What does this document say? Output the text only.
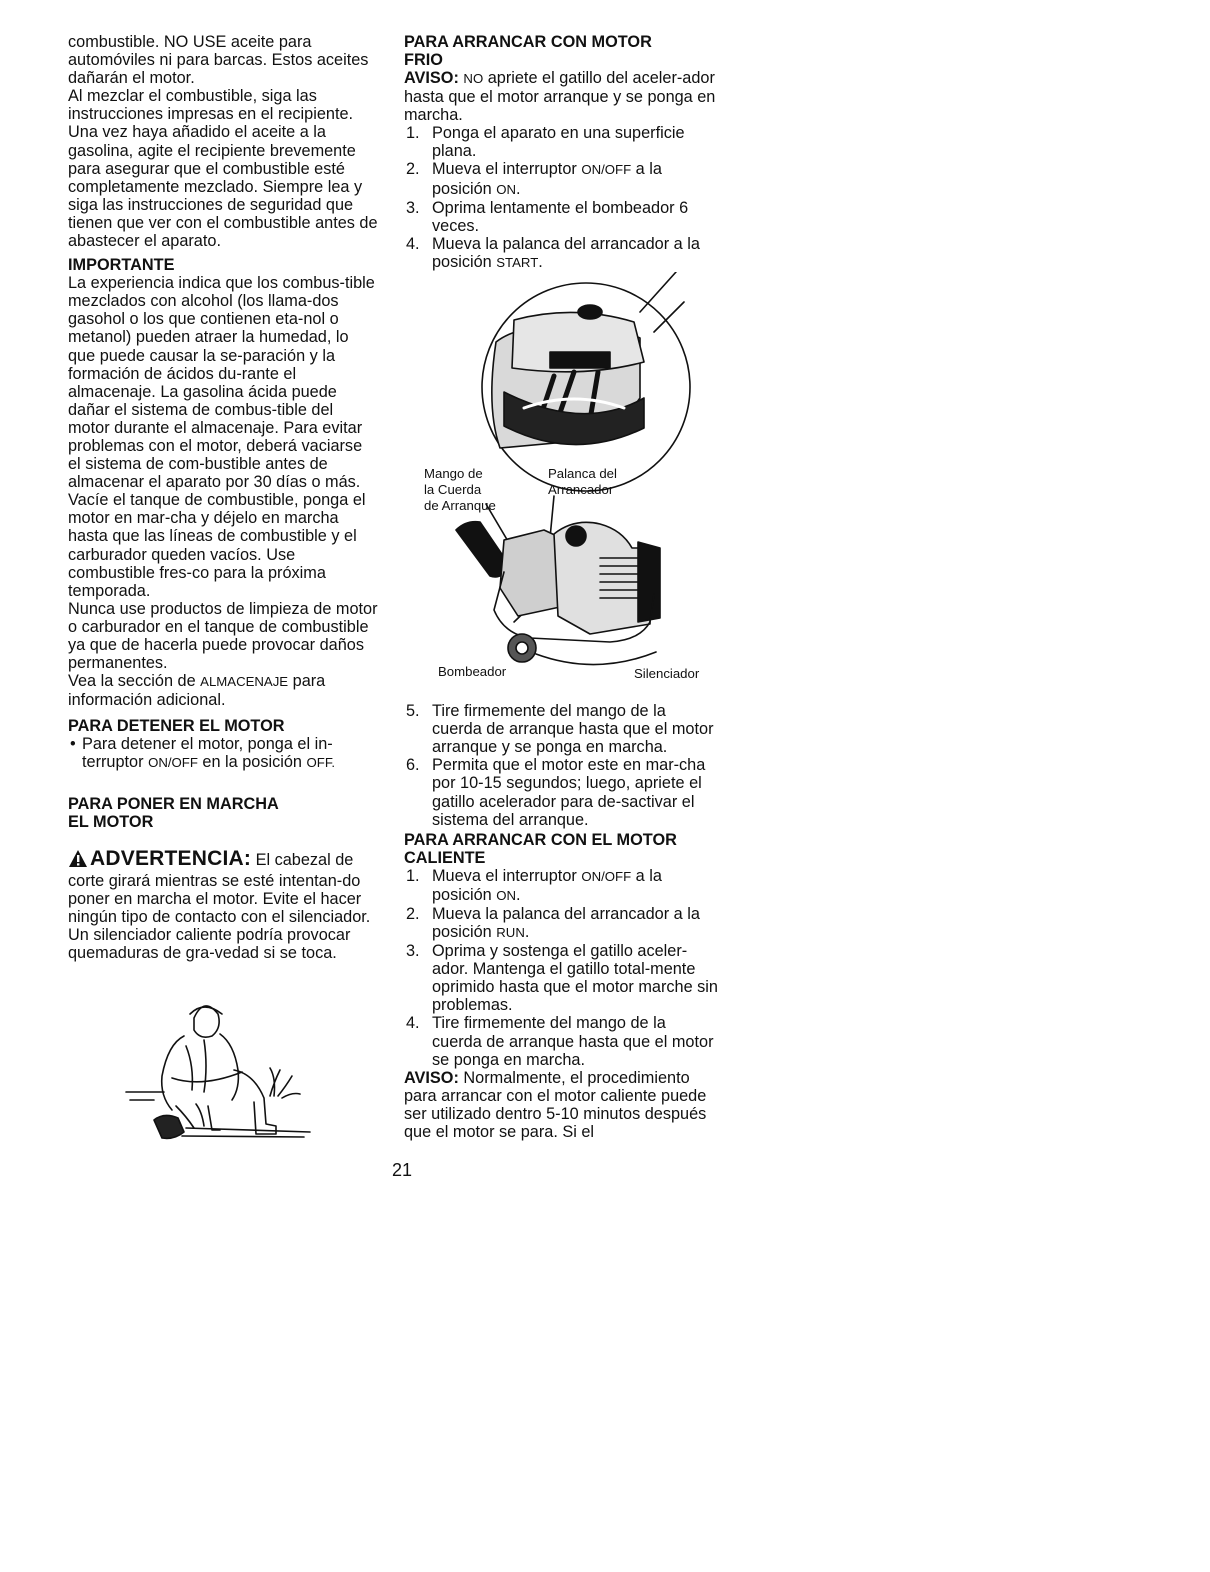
combustible. NO USE aceite para automóviles ni para barcas. Estos aceites dañarán el motor.

Al mezclar el combustible, siga las instrucciones impresas en el recipiente. Una vez haya añadido el aceite a la gasolina, agite el recipiente brevemente para asegurar que el combustible esté completamente mezclado. Siempre lea y siga las instrucciones de seguridad que tienen que ver con el combustible antes de abastecer el aparato.

IMPORTANTE

La experiencia indica que los combus-tible mezclados con alcohol (los llama-dos gasohol o los que contienen eta-nol o metanol) pueden atraer la humedad, lo que puede causar la se-paración y la formación de ácidos du-rante el almacenaje. La gasolina ácida puede dañar el sistema de combus-tible del motor durante el almacenaje. Para evitar problemas con el motor, deberá vaciarse el sistema de com-bustible antes de almacenar el aparato por 30 días o más. Vacíe el tanque de combustible, ponga el motor en mar-cha y déjelo en marcha hasta que las líneas de combustible y el carburador queden vacíos. Use combustible fres-co para la próxima temporada.

Nunca use productos de limpieza de motor o carburador en el tanque de combustible ya que de hacerla puede provocar daños permanentes.

Vea la sección de ALMACENAJE para información adicional.

PARA DETENER EL MOTOR

• Para detener el motor, ponga el in-terruptor ON/OFF en la posición OFF.

PARA PONER EN MARCHA

EL MOTOR

ADVERTENCIA: El cabezal de corte girará mientras se esté intentan-do poner en marcha el motor. Evite el hacer ningún tipo de contacto con el silenciador. Un silenciador caliente podría provocar quemaduras de gra-vedad si se toca.

PARA ARRANCAR CON MOTOR

FRIO

AVISO: NO apriete el gatillo del aceler-ador hasta que el motor arranque y se ponga en marcha.

1. Ponga el aparato en una superficie plana.
2. Mueva el interruptor ON/OFF a la posición ON.
3. Oprima lentamente el bombeador 6 veces.
4. Mueva la palanca del arrancador a la posición START.
Mango de
la Cuerda
de Arranque
Palanca del
Arrancador
Bombeador	Silenciador
5. Tire firmemente del mango de la cuerda de arranque hasta que el motor arranque y se ponga en marcha.
6. Permita que el motor este en mar-cha por 10-15 segundos; luego, apriete el gatillo acelerador para de-sactivar el sistema del arranque.

PARA ARRANCAR CON EL MOTOR

CALIENTE

1. Mueva el interruptor ON/OFF a la posición ON.
2. Mueva la palanca del arrancador a la posición RUN.
3. Oprima y sostenga el gatillo aceler-ador. Mantenga el gatillo total-mente oprimido hasta que el motor marche sin problemas.
4. Tire firmemente del mango de la cuerda de arranque hasta que el motor se ponga en marcha.

AVISO: Normalmente, el procedimiento para arrancar con el motor caliente puede ser utilizado dentro 5-10 minutos después que el motor se para. Si el

21
